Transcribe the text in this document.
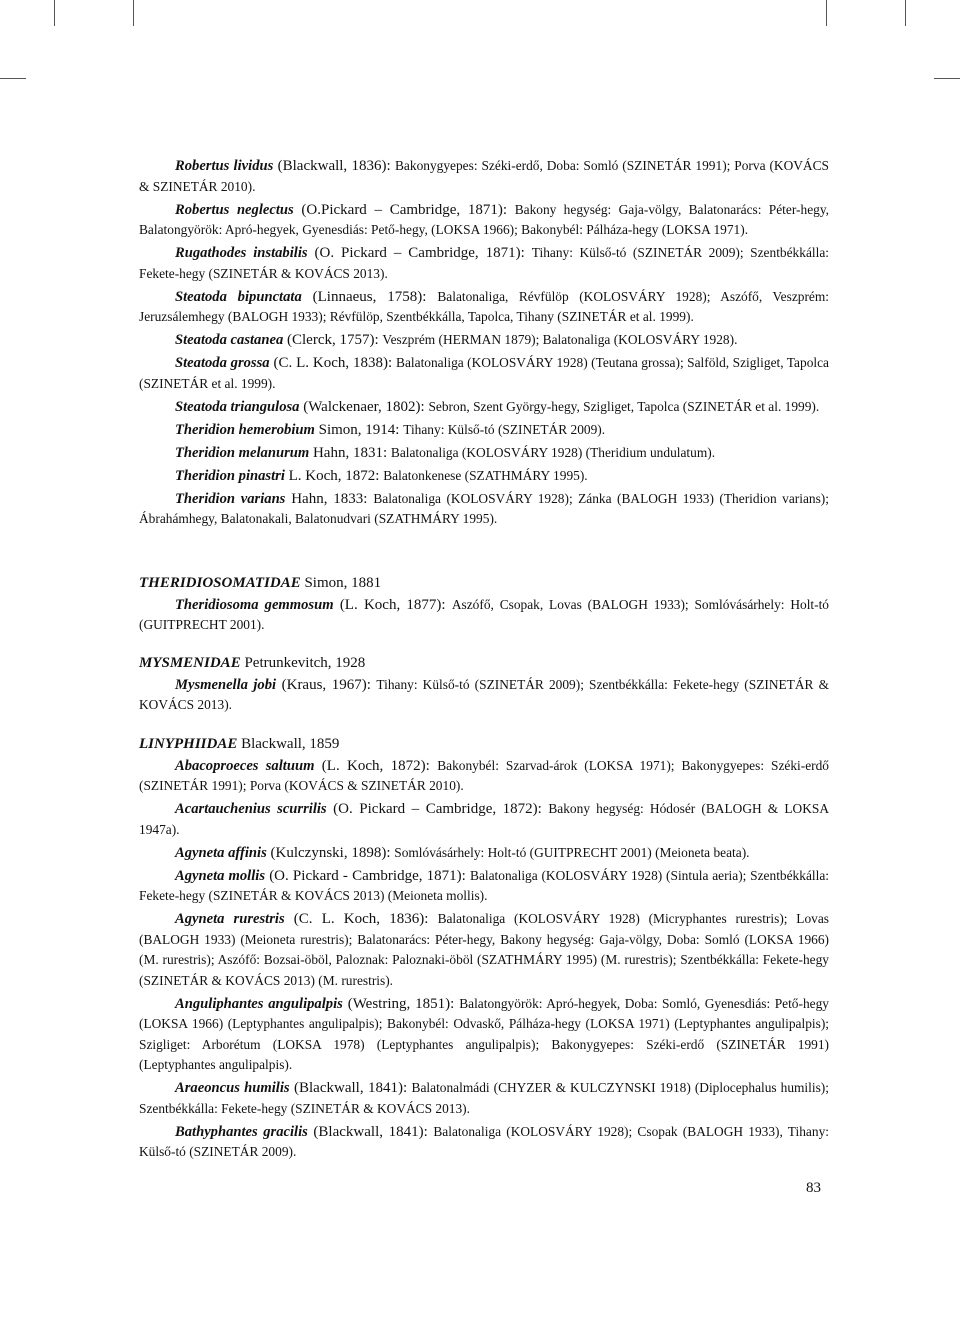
Robertus lividus (Blackwall, 1836): Bakonygyepes: Széki-erdő, Doba: Somló (SZINETÁR 1991); Porva (KOVÁCS & SZINETÁR 2010).
Robertus neglectus (O.Pickard – Cambridge, 1871): Bakony hegység: Gaja-völgy, Balatonarács: Péter-hegy, Balatongyörök: Apró-hegyek, Gyenesdiás: Pető-hegy, (LOKSA 1966); Bakonybél: Pálháza-hegy (LOKSA 1971).
Rugathodes instabilis (O. Pickard – Cambridge, 1871): Tihany: Külső-tó (SZINETÁR 2009); Szentbékkálla: Fekete-hegy (SZINETÁR & KOVÁCS 2013).
Steatoda bipunctata (Linnaeus, 1758): Balatonaliga, Révfülöp (KOLOSVÁRY 1928); Aszófő, Veszprém: Jeruzsálemhegy (BALOGH 1933); Révfülöp, Szentbékkálla, Tapolca, Tihany (SZINETÁR et al. 1999).
Steatoda castanea (Clerck, 1757): Veszprém (HERMAN 1879); Balatonaliga (KOLOSVÁRY 1928).
Steatoda grossa (C. L. Koch, 1838): Balatonaliga (KOLOSVÁRY 1928) (Teutana grossa); Salföld, Szigliget, Tapolca (SZINETÁR et al. 1999).
Steatoda triangulosa (Walckenaer, 1802): Sebron, Szent György-hegy, Szigliget, Tapolca (SZINETÁR et al. 1999).
Theridion hemerobium Simon, 1914: Tihany: Külső-tó (SZINETÁR 2009).
Theridion melanurum Hahn, 1831: Balatonaliga (KOLOSVÁRY 1928) (Theridium undulatum).
Theridion pinastri L. Koch, 1872: Balatonkenese (SZATHMÁRY 1995).
Theridion varians Hahn, 1833: Balatonaliga (KOLOSVÁRY 1928); Zánka (BALOGH 1933) (Theridion varians); Ábrahámhegy, Balatonakali, Balatonudvari (SZATHMÁRY 1995).
THERIDIOSOMATIDAE Simon, 1881
Theridiosoma gemmosum (L. Koch, 1877): Aszófő, Csopak, Lovas (BALOGH 1933); Somlóvásárhely: Holt-tó (GUITPRECHT 2001).
MYSMENIDAE Petrunkevitch, 1928
Mysmenella jobi (Kraus, 1967): Tihany: Külső-tó (SZINETÁR 2009); Szentbékkálla: Fekete-hegy (SZINETÁR & KOVÁCS 2013).
LINYPHIIDAE Blackwall, 1859
Abacoproeces saltuum (L. Koch, 1872): Bakonybél: Szarvad-árok (LOKSA 1971); Bakonygyepes: Széki-erdő (SZINETÁR 1991); Porva (KOVÁCS & SZINETÁR 2010).
Acartauchenius scurrilis (O. Pickard – Cambridge, 1872): Bakony hegység: Hódosér (BALOGH & LOKSA 1947a).
Agyneta affinis (Kulczynski, 1898): Somlóvásárhely: Holt-tó (GUITPRECHT 2001) (Meioneta beata).
Agyneta mollis (O. Pickard - Cambridge, 1871): Balatonaliga (KOLOSVÁRY 1928) (Sintula aeria); Szentbékkálla: Fekete-hegy (SZINETÁR & KOVÁCS 2013) (Meioneta mollis).
Agyneta rurestris (C. L. Koch, 1836): Balatonaliga (KOLOSVÁRY 1928) (Micryphantes rurestris); Lovas (BALOGH 1933) (Meioneta rurestris); Balatonarács: Péter-hegy, Bakony hegység: Gaja-völgy, Doba: Somló (LOKSA 1966) (M. rurestris); Aszófő: Bozsai-öböl, Paloznak: Paloznaki-öböl (SZATHMÁRY 1995) (M. rurestris); Szentbékkálla: Fekete-hegy (SZINETÁR & KOVÁCS 2013) (M. rurestris).
Anguliphantes angulipalpis (Westring, 1851): Balatongyörök: Apró-hegyek, Doba: Somló, Gyenesdiás: Pető-hegy (LOKSA 1966) (Leptyphantes angulipalpis); Bakonybél: Odvaskő, Pálháza-hegy (LOKSA 1971) (Leptyphantes angulipalpis); Szigliget: Arborétum (LOKSA 1978) (Leptyphantes angulipalpis); Bakonygyepes: Széki-erdő (SZINETÁR 1991) (Leptyphantes angulipalpis).
Araeoncus humilis (Blackwall, 1841): Balatonalmádi (CHYZER & KULCZYNSKI 1918) (Diplocephalus humilis); Szentbékkálla: Fekete-hegy (SZINETÁR & KOVÁCS 2013).
Bathyphantes gracilis (Blackwall, 1841): Balatonaliga (KOLOSVÁRY 1928); Csopak (BALOGH 1933), Tihany: Külső-tó (SZINETÁR 2009).
83
